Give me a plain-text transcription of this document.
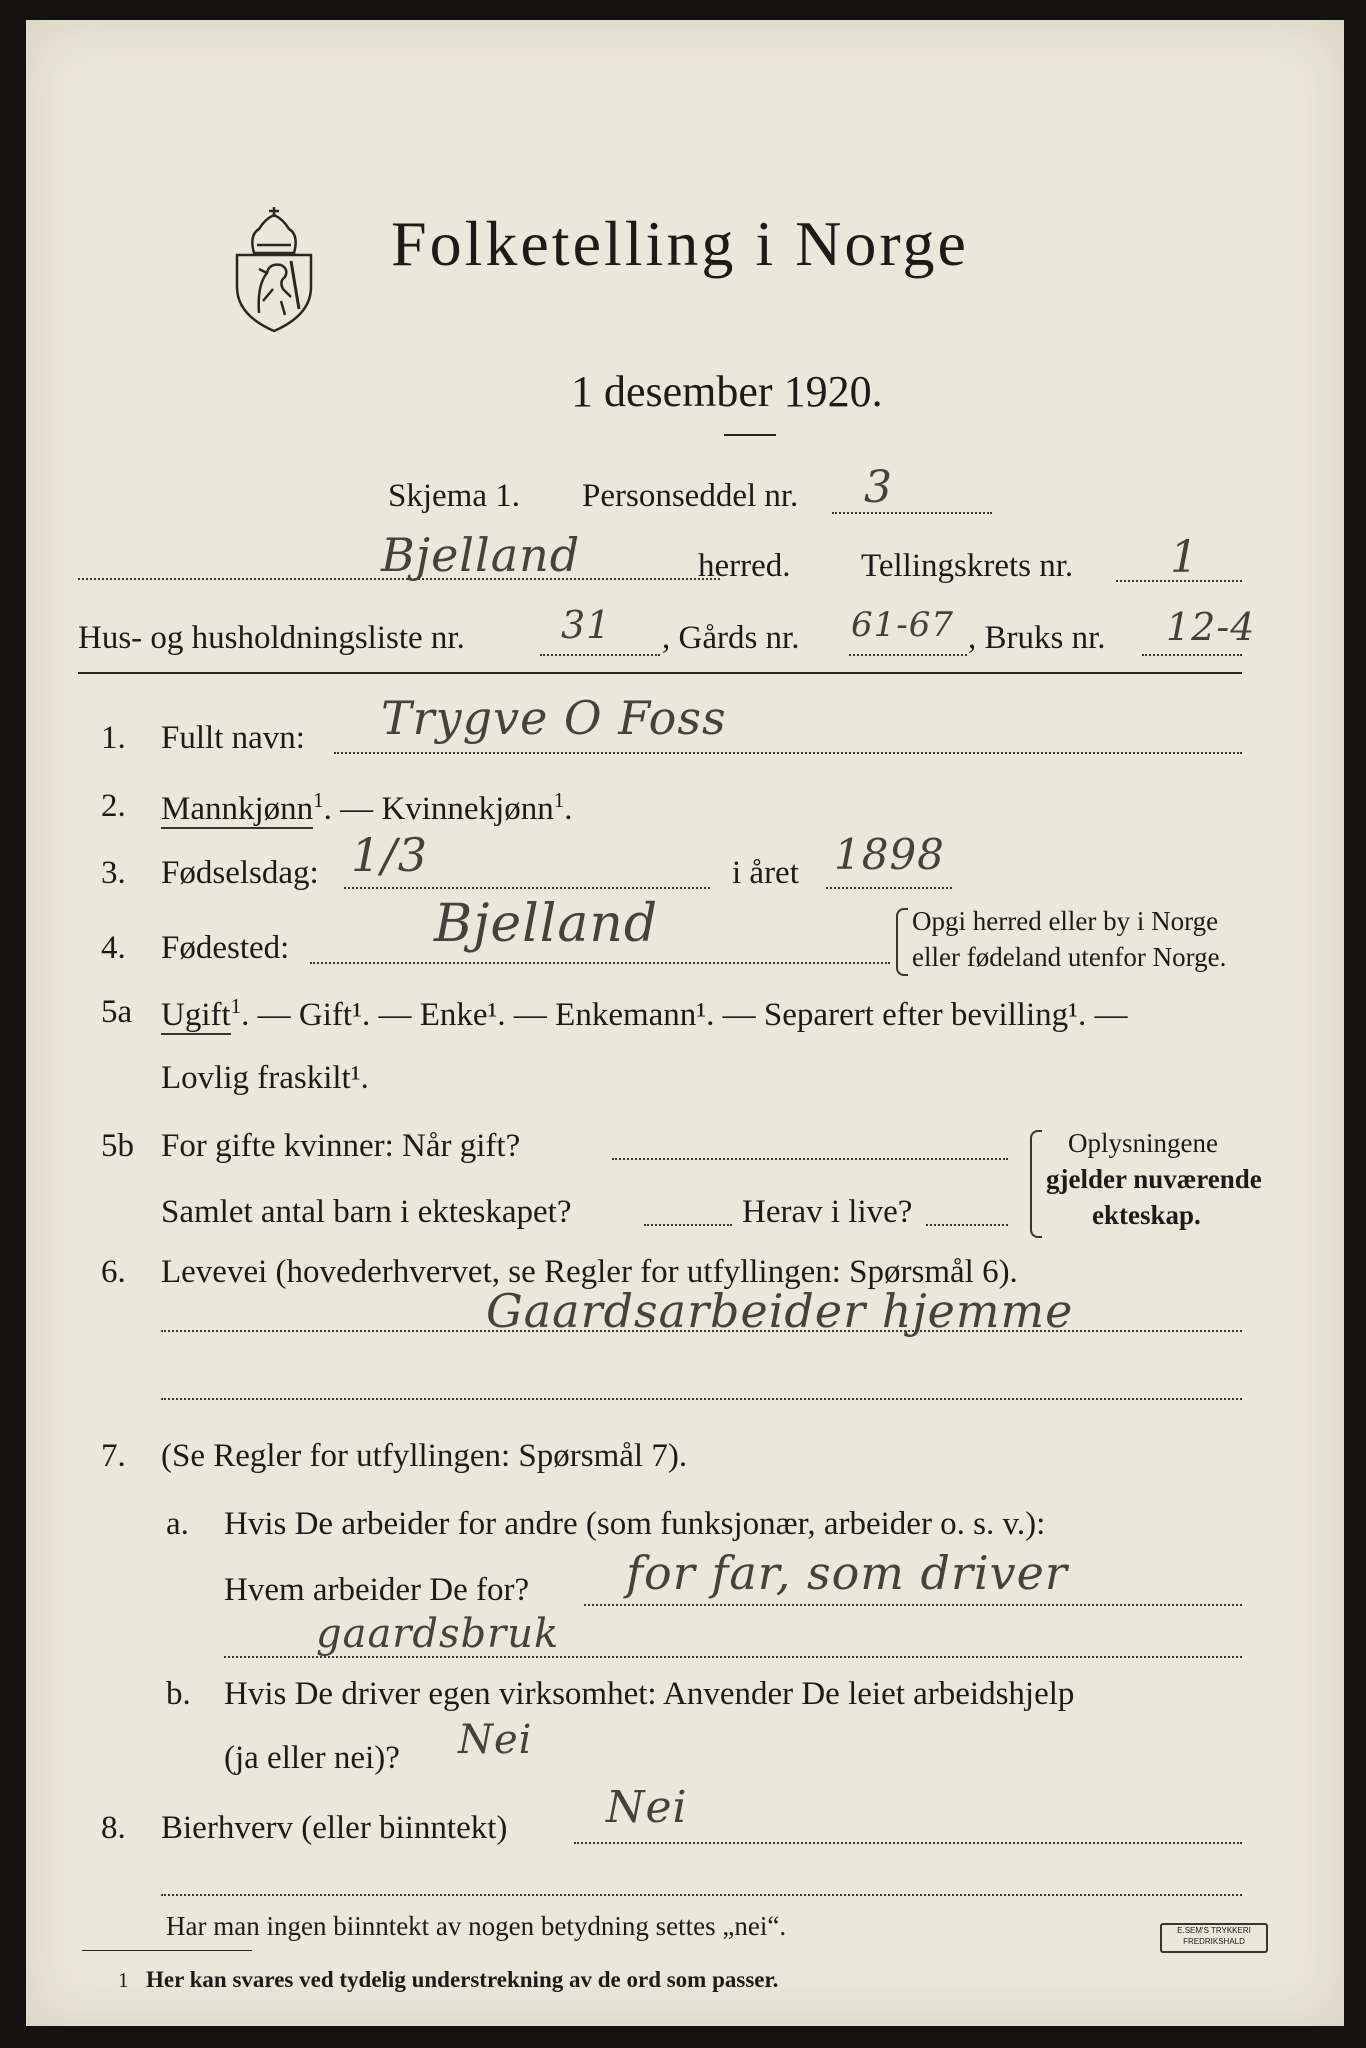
Folketelling i Norge
1 desember 1920.
Skjema 1. Personseddel nr. 3
Bjelland	herred. Tellingskrets nr. 1
Hus- og husholdningsliste nr.	31 , Gårds nr. 61-67 , Bruks nr. 12-4
1. Fullt navn: Trygve O Foss
2. Mannkjønn$^1$. — Kvinnekjønn$^1$.
3. Fødselsdag: 1/3	i året 1898
4. Fødested:	Bjelland	Opgi herred eller by i Norge
eller fødeland utenfor Norge.
5a Ugift$^1$. — Gift¹. — Enke¹. — Enkemann¹. — Separert efter bevilling¹. —
Lovlig fraskilt¹.
5b For gifte kvinner: Når gift?
Samlet antal barn i ekteskapet?	Herav i live?
Oplysningene
gjelder nuværende
ekteskap.
6. Levevei (hovederhvervet, se Regler for utfyllingen: Spørsmål 6).
Gaardsarbeider hjemme
7. (Se Regler for utfyllingen: Spørsmål 7).
a. Hvis De arbeider for andre (som funksjonær, arbeider o. s. v.):
Hvem arbeider De for? for far, som driver
gaardsbruk
b. Hvis De driver egen virksomhet: Anvender De leiet arbeidshjelp
(ja eller nei)? Nei
8. Bierhverv (eller biinntekt) Nei
Har man ingen biinntekt av nogen betydning settes „nei“.
1 Her kan svares ved tydelig understrekning av de ord som passer.
E.SEM'S TRYKKERI
FREDRIKSHALD
